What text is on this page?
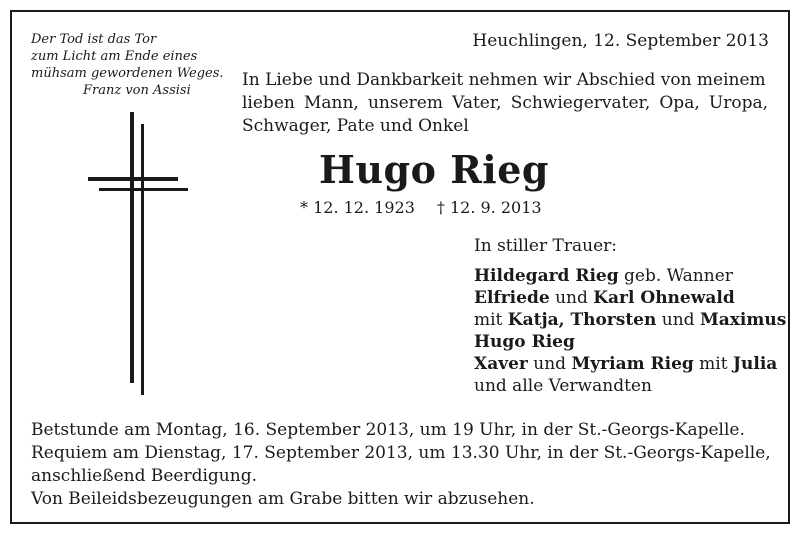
Der Tod ist das Tor
zum Licht am Ende eines
mühsam gewordenen Weges.
Franz von Assisi
Heuchlingen, 12. September 2013
In Liebe und Dankbarkeit nehmen wir Abschied von meinem
lieben Mann, unserem Vater, Schwiegervater, Opa, Uropa,
Schwager, Pate und Onkel
Hugo Rieg
* 12. 12. 1923 † 12. 9. 2013
In stiller Trauer:
Hildegard Rieg geb. Wanner
Elfriede und Karl Ohnewald
mit Katja, Thorsten und Maximus
Hugo Rieg
Xaver und Myriam Rieg mit Julia
und alle Verwandten
Betstunde am Montag, 16. September 2013, um 19 Uhr, in der St.-Georgs-Kapelle.
Requiem am Dienstag, 17. September 2013, um 13.30 Uhr, in der St.-Georgs-Kapelle,
anschließend Beerdigung.
Von Beileidsbezeugungen am Grabe bitten wir abzusehen.
